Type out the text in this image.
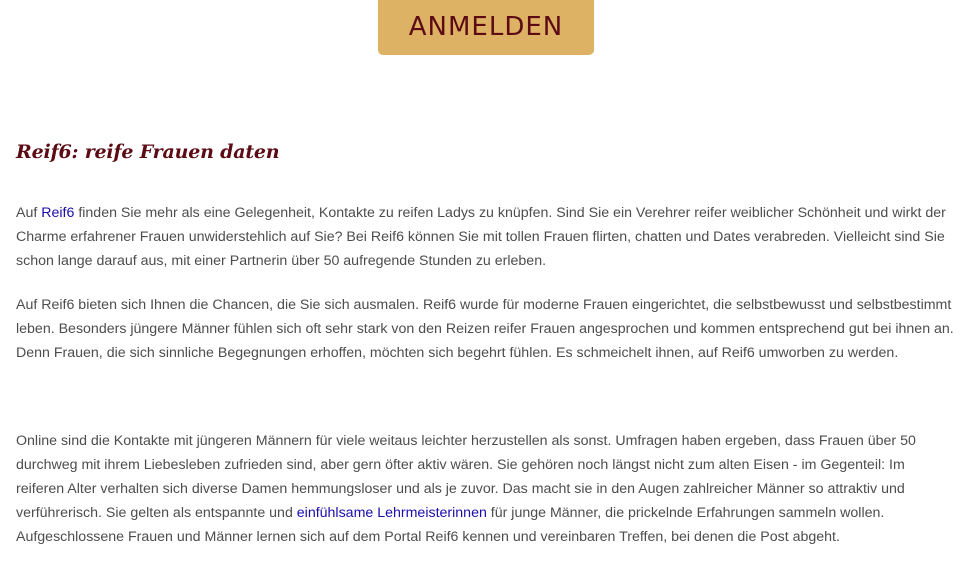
ANMELDEN
Reif6: reife Frauen daten

Auf Reif6 finden Sie mehr als eine Gelegenheit, Kontakte zu reifen Ladys zu knüpfen. Sind Sie ein Verehrer reifer weiblicher Schönheit und wirkt der Charme erfahrener Frauen unwiderstehlich auf Sie? Bei Reif6 können Sie mit tollen Frauen flirten, chatten und Dates verabreden. Vielleicht sind Sie schon lange darauf aus, mit einer Partnerin über 50 aufregende Stunden zu erleben.

Auf Reif6 bieten sich Ihnen die Chancen, die Sie sich ausmalen. Reif6 wurde für moderne Frauen eingerichtet, die selbstbewusst und selbstbestimmt leben. Besonders jüngere Männer fühlen sich oft sehr stark von den Reizen reifer Frauen angesprochen und kommen entsprechend gut bei ihnen an. Denn Frauen, die sich sinnliche Begegnungen erhoffen, möchten sich begehrt fühlen. Es schmeichelt ihnen, auf Reif6 umworben zu werden.

Online sind die Kontakte mit jüngeren Männern für viele weitaus leichter herzustellen als sonst. Umfragen haben ergeben, dass Frauen über 50 durchweg mit ihrem Liebesleben zufrieden sind, aber gern öfter aktiv wären. Sie gehören noch längst nicht zum alten Eisen - im Gegenteil: Im reiferen Alter verhalten sich diverse Damen hemmungsloser und als je zuvor. Das macht sie in den Augen zahlreicher Männer so attraktiv und verführerisch. Sie gelten als entspannte und einfühlsame Lehrmeisterinnen für junge Männer, die prickelnde Erfahrungen sammeln wollen. Aufgeschlossene Frauen und Männer lernen sich auf dem Portal Reif6 kennen und vereinbaren Treffen, bei denen die Post abgeht.
